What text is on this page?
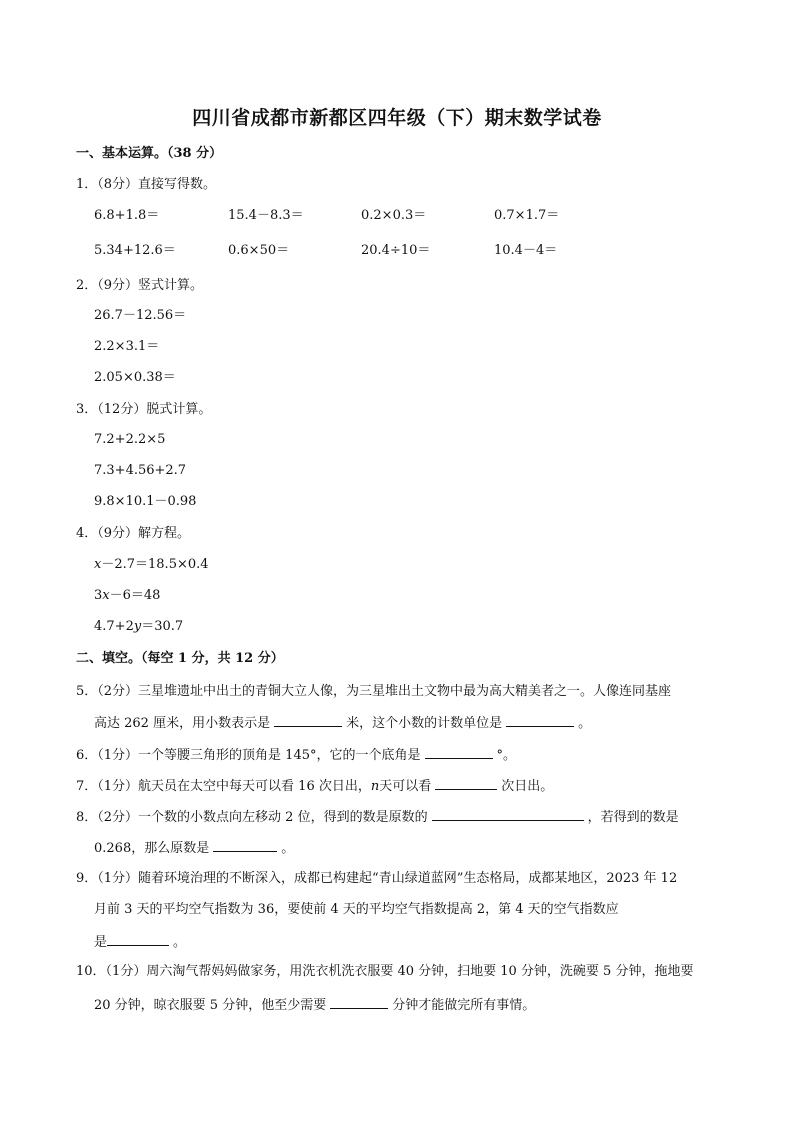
四川省成都市新都区四年级（下）期末数学试卷
一、基本运算。（38 分）
1．（8分）直接写得数。
6.8+1.8＝	15.4－8.3＝	0.2×0.3＝	0.7×1.7＝
5.34+12.6＝	0.6×50＝	20.4÷10＝	10.4－4＝
2．（9分）竖式计算。
26.7－12.56＝
2.2×3.1＝
2.05×0.38＝
3．（12分）脱式计算。
7.2+2.2×5
7.3+4.56+2.7
9.8×10.1－0.98
4．（9分）解方程。
x－2.7＝18.5×0.4
3x－6＝48
4.7+2y＝30.7
二、填空。（每空 1 分，共 12 分）
5．（2分）三星堆遗址中出土的青铜大立人像，为三星堆出土文物中最为高大精美者之一。人像连同基座
高达 262 厘米，用小数表示是	米，这个小数的计数单位是	。
6．（1分）一个等腰三角形的顶角是 145°，它的一个底角是	°。
7．（1分）航天员在太空中每天可以看 16 次日出，n天可以看	次日出。
8．（2分）一个数的小数点向左移动 2 位，得到的数是原数的	，若得到的数是
0.268，那么原数是	。
9．（1分）随着环境治理的不断深入，成都已构建起“青山绿道蓝网”生态格局，成都某地区，2023 年 12
月前 3 天的平均空气指数为 36，要使前 4 天的平均空气指数提高 2，第 4 天的空气指数应
是	。
10．（1分）周六淘气帮妈妈做家务，用洗衣机洗衣服要 40 分钟，扫地要 10 分钟，洗碗要 5 分钟，拖地要
20 分钟，晾衣服要 5 分钟，他至少需要	分钟才能做完所有事情。
